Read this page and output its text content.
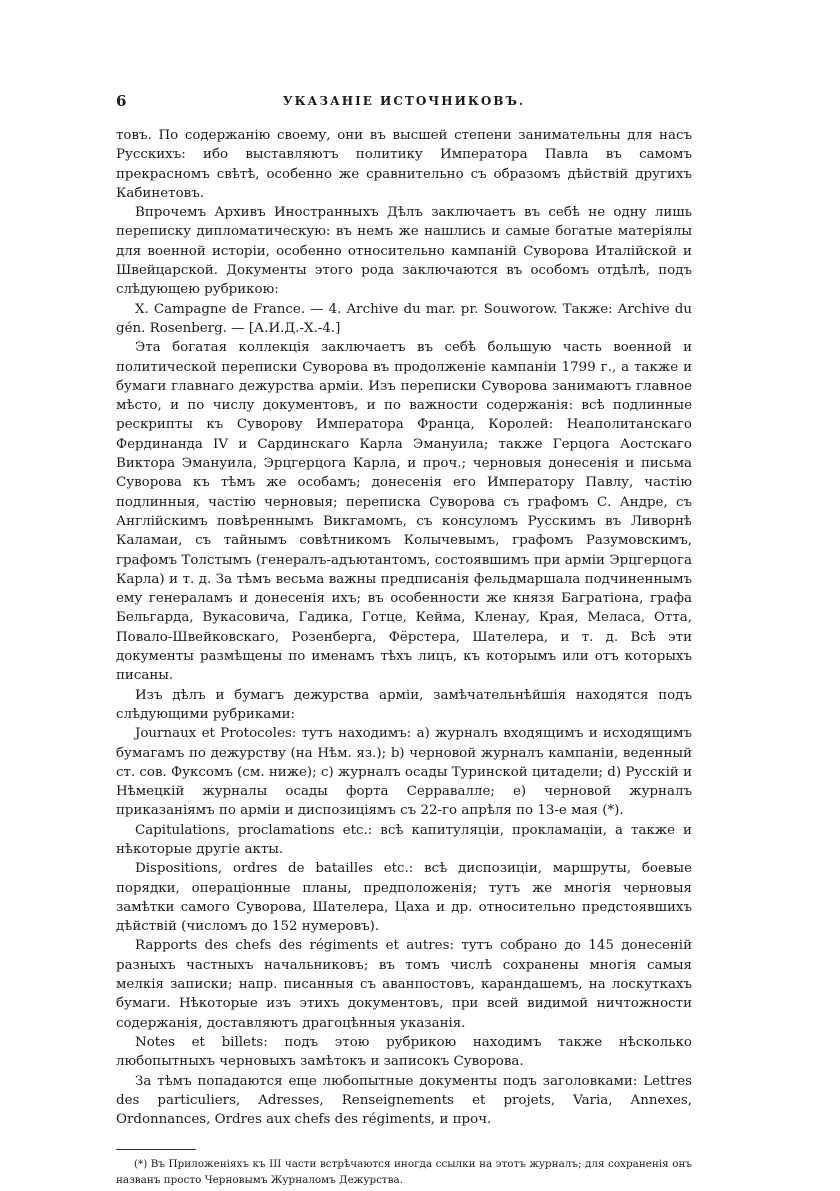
6	УКАЗАНІЕ ИСТОЧНИКОВЪ.

товъ. По содержанію своему, они въ высшей степени занимательны для насъ Русскихъ: ибо выставляютъ политику Императора Павла въ самомъ прекрасномъ свѣтѣ, особенно же сравнительно съ образомъ дѣйствій другихъ Кабинетовъ.

Впрочемъ Архивъ Иностранныхъ Дѣлъ заключаетъ въ себѣ не одну лишь переписку дипломатическую: въ немъ же нашлись и самые богатые матеріялы для военной исторіи, особенно относительно кампаній Суворова Италійской и Швейцарской. Документы этого рода заключаются въ особомъ отдѣлѣ, подъ слѣдующею рубрикою:

X. Campagne de France. — 4. Archive du mar. pr. Souworow. Также: Archive du gén. Rosenberg. — [А.И.Д.-X.-4.]

Эта богатая коллекція заключаетъ въ себѣ большую часть военной и политической переписки Суворова въ продолженіе кампаніи 1799 г., а также и бумаги главнаго дежурства арміи. Изъ переписки Суворова занимаютъ главное мѣсто, и по числу документовъ, и по важности содержанія: всѣ подлинные рескрипты къ Суворову Императора Франца, Королей: Неаполитанскаго Фердинанда IV и Сардинскаго Карла Эмануила; также Герцога Аостскаго Виктора Эмануила, Эрцгерцога Карла, и проч.; черновыя донесенія и письма Суворова къ тѣмъ же особамъ; донесенія его Императору Павлу, частію подлинныя, частію черновыя; переписка Суворова съ графомъ С. Андре, съ Англійскимъ повѣреннымъ Викгамомъ, съ консуломъ Русскимъ въ Ливорнѣ Каламаи, съ тайнымъ совѣтникомъ Колычевымъ, графомъ Разумовскимъ, графомъ Толстымъ (генералъ-адъютантомъ, состоявшимъ при арміи Эрцгерцога Карла) и т. д. За тѣмъ весьма важны предписанія фельдмаршала подчиненнымъ ему генераламъ и донесенія ихъ; въ особенности же князя Багратіона, графа Бельгарда, Вукасовича, Гадика, Готце, Кейма, Кленау, Края, Меласа, Отта, Повало-Швейковскаго, Розенберга, Фёрстера, Шателера, и т. д. Всѣ эти документы размѣщены по именамъ тѣхъ лицъ, къ которымъ или отъ которыхъ писаны.

Изъ дѣлъ и бумагъ дежурства арміи, замѣчательнѣйшія находятся подъ слѣдующими рубриками:

Journaux et Protocoles: тутъ находимъ: a) журналъ входящимъ и исходящимъ бумагамъ по дежурству (на Нѣм. яз.); b) черновой журналъ кампаніи, веденный ст. сов. Фуксомъ (см. ниже); c) журналъ осады Туринской цитадели; d) Русскій и Нѣмецкій журналы осады форта Серравалле; e) черновой журналъ приказаніямъ по арміи и диспозиціямъ съ 22-го апрѣля по 13-е мая (*).

Capitulations, proclamations etc.: всѣ капитуляціи, прокламаціи, а также и нѣкоторые другіе акты.

Dispositions, ordres de batailles etc.: всѣ диспозиціи, маршруты, боевые порядки, операціонные планы, предположенія; тутъ же многія черновыя замѣтки самого Суворова, Шателера, Цаха и др. относительно предстоявшихъ дѣйствій (числомъ до 152 нумеровъ).

Rapports des chefs des régiments et autres: тутъ собрано до 145 донесеній разныхъ частныхъ начальниковъ; въ томъ числѣ сохранены многія самыя мелкія записки; напр. писанныя съ аванпостовъ, карандашемъ, на лоскуткахъ бумаги. Нѣкоторые изъ этихъ документовъ, при всей видимой ничтожности содержанія, доставляютъ драгоцѣнныя указанія.

Notes et billets: подъ этою рубрикою находимъ также нѣсколько любопытныхъ черновыхъ замѣтокъ и записокъ Суворова.

За тѣмъ попадаются еще любопытные документы подъ заголовками: Lettres des particuliers, Adresses, Renseignements et projets, Varia, Annexes, Ordonnances, Ordres aux chefs des régiments, и проч.

(*) Въ Приложеніяхъ къ III части встрѣчаются иногда ссылки на этотъ журналъ; для сохраненія онъ названъ просто Черновымъ Журналомъ Дежурства.
